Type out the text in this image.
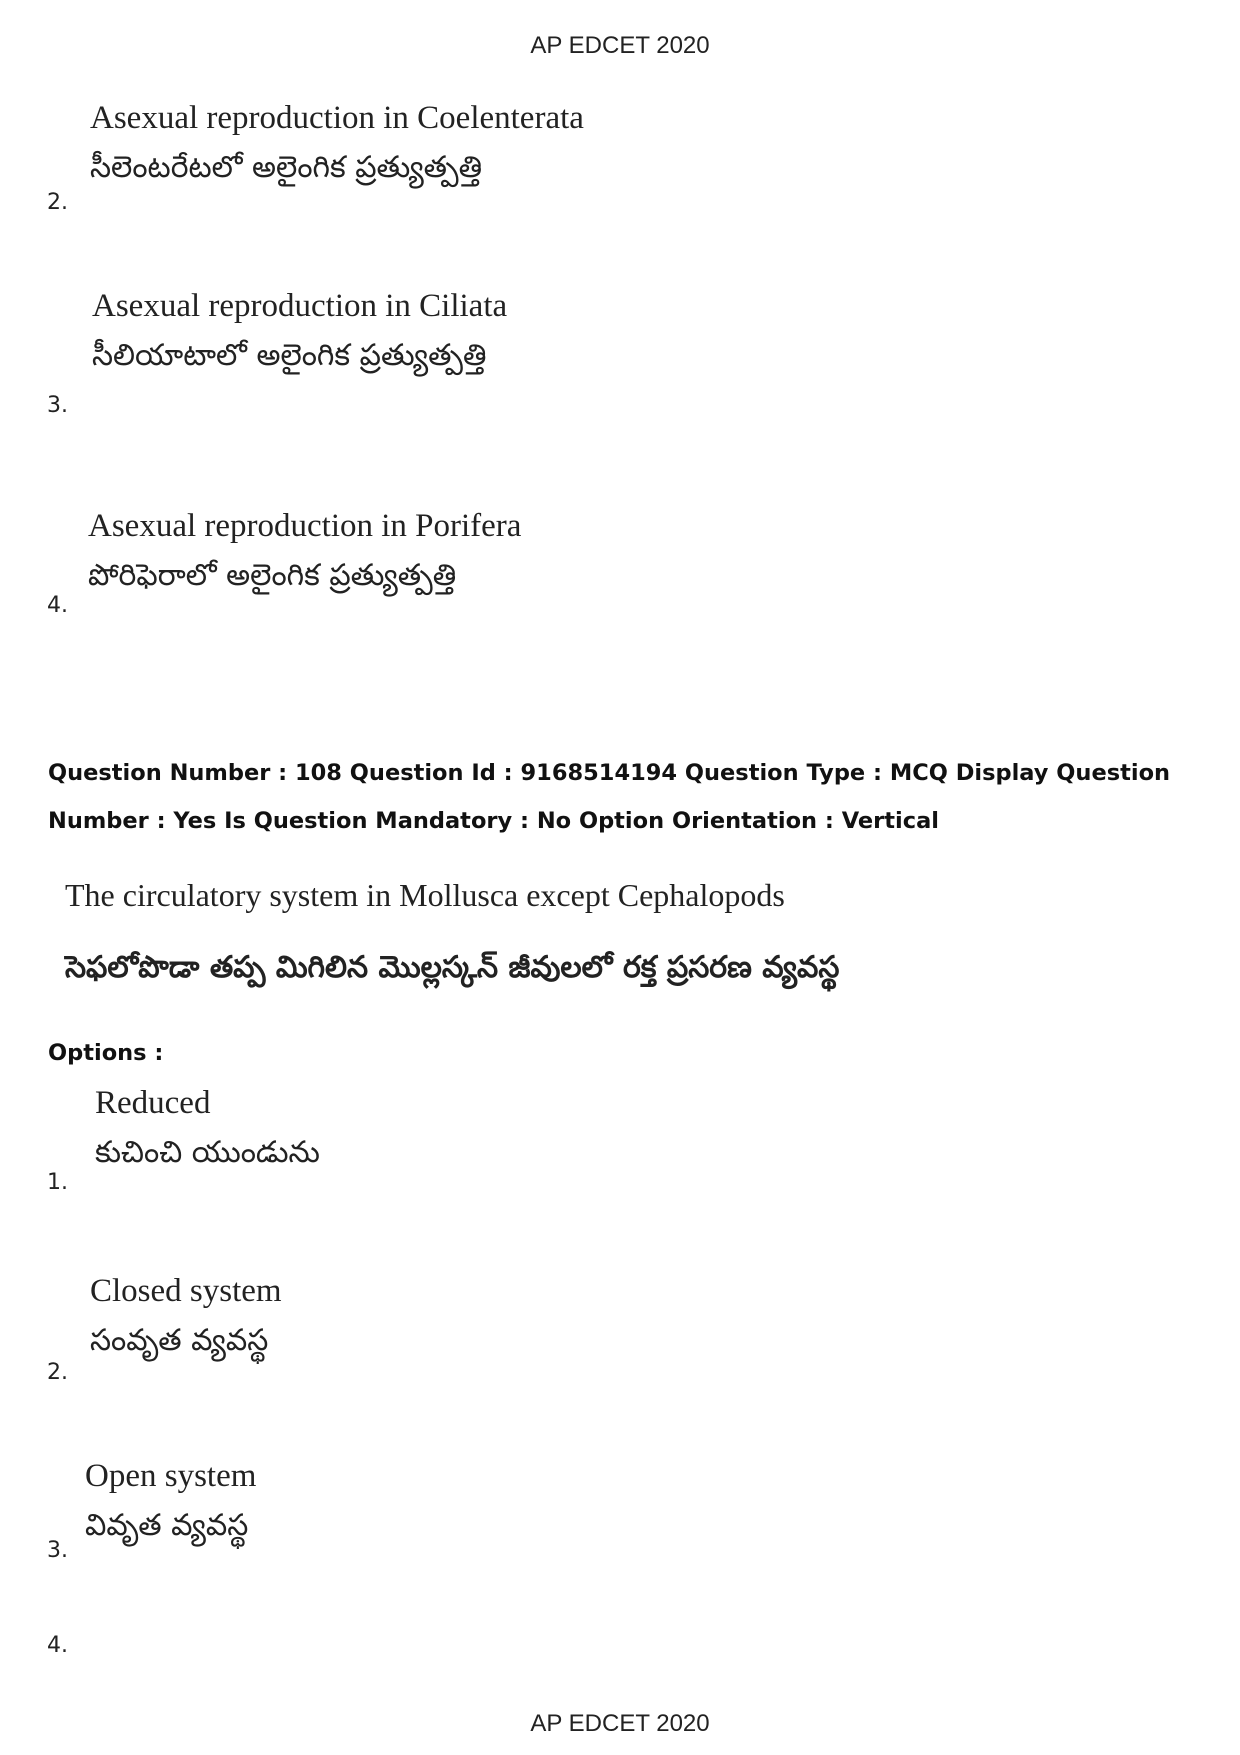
AP EDCET 2020
Asexual reproduction in Coelenterata
సీలెంటరేటలో అలైంగిక ప్రత్యుత్పత్తి
2.
Asexual reproduction in Ciliata
సీలియాటాలో అలైంగిక ప్రత్యుత్పత్తి
3.
Asexual reproduction in Porifera
పోరిఫెరాలో అలైంగిక ప్రత్యుత్పత్తి
4.
Question Number : 108 Question Id : 9168514194 Question Type : MCQ Display Question
Number : Yes Is Question Mandatory : No Option Orientation : Vertical
The circulatory system in Mollusca except Cephalopods
సెఫలోపొడా తప్ప మిగిలిన మొల్లస్కన్ జీవులలో రక్త ప్రసరణ వ్యవస్థ
Options :
Reduced
కుచించి యుండును
1.
Closed system
సంవృత వ్యవస్థ
2.
Open system
వివృత వ్యవస్థ
3.
4.
AP EDCET 2020
